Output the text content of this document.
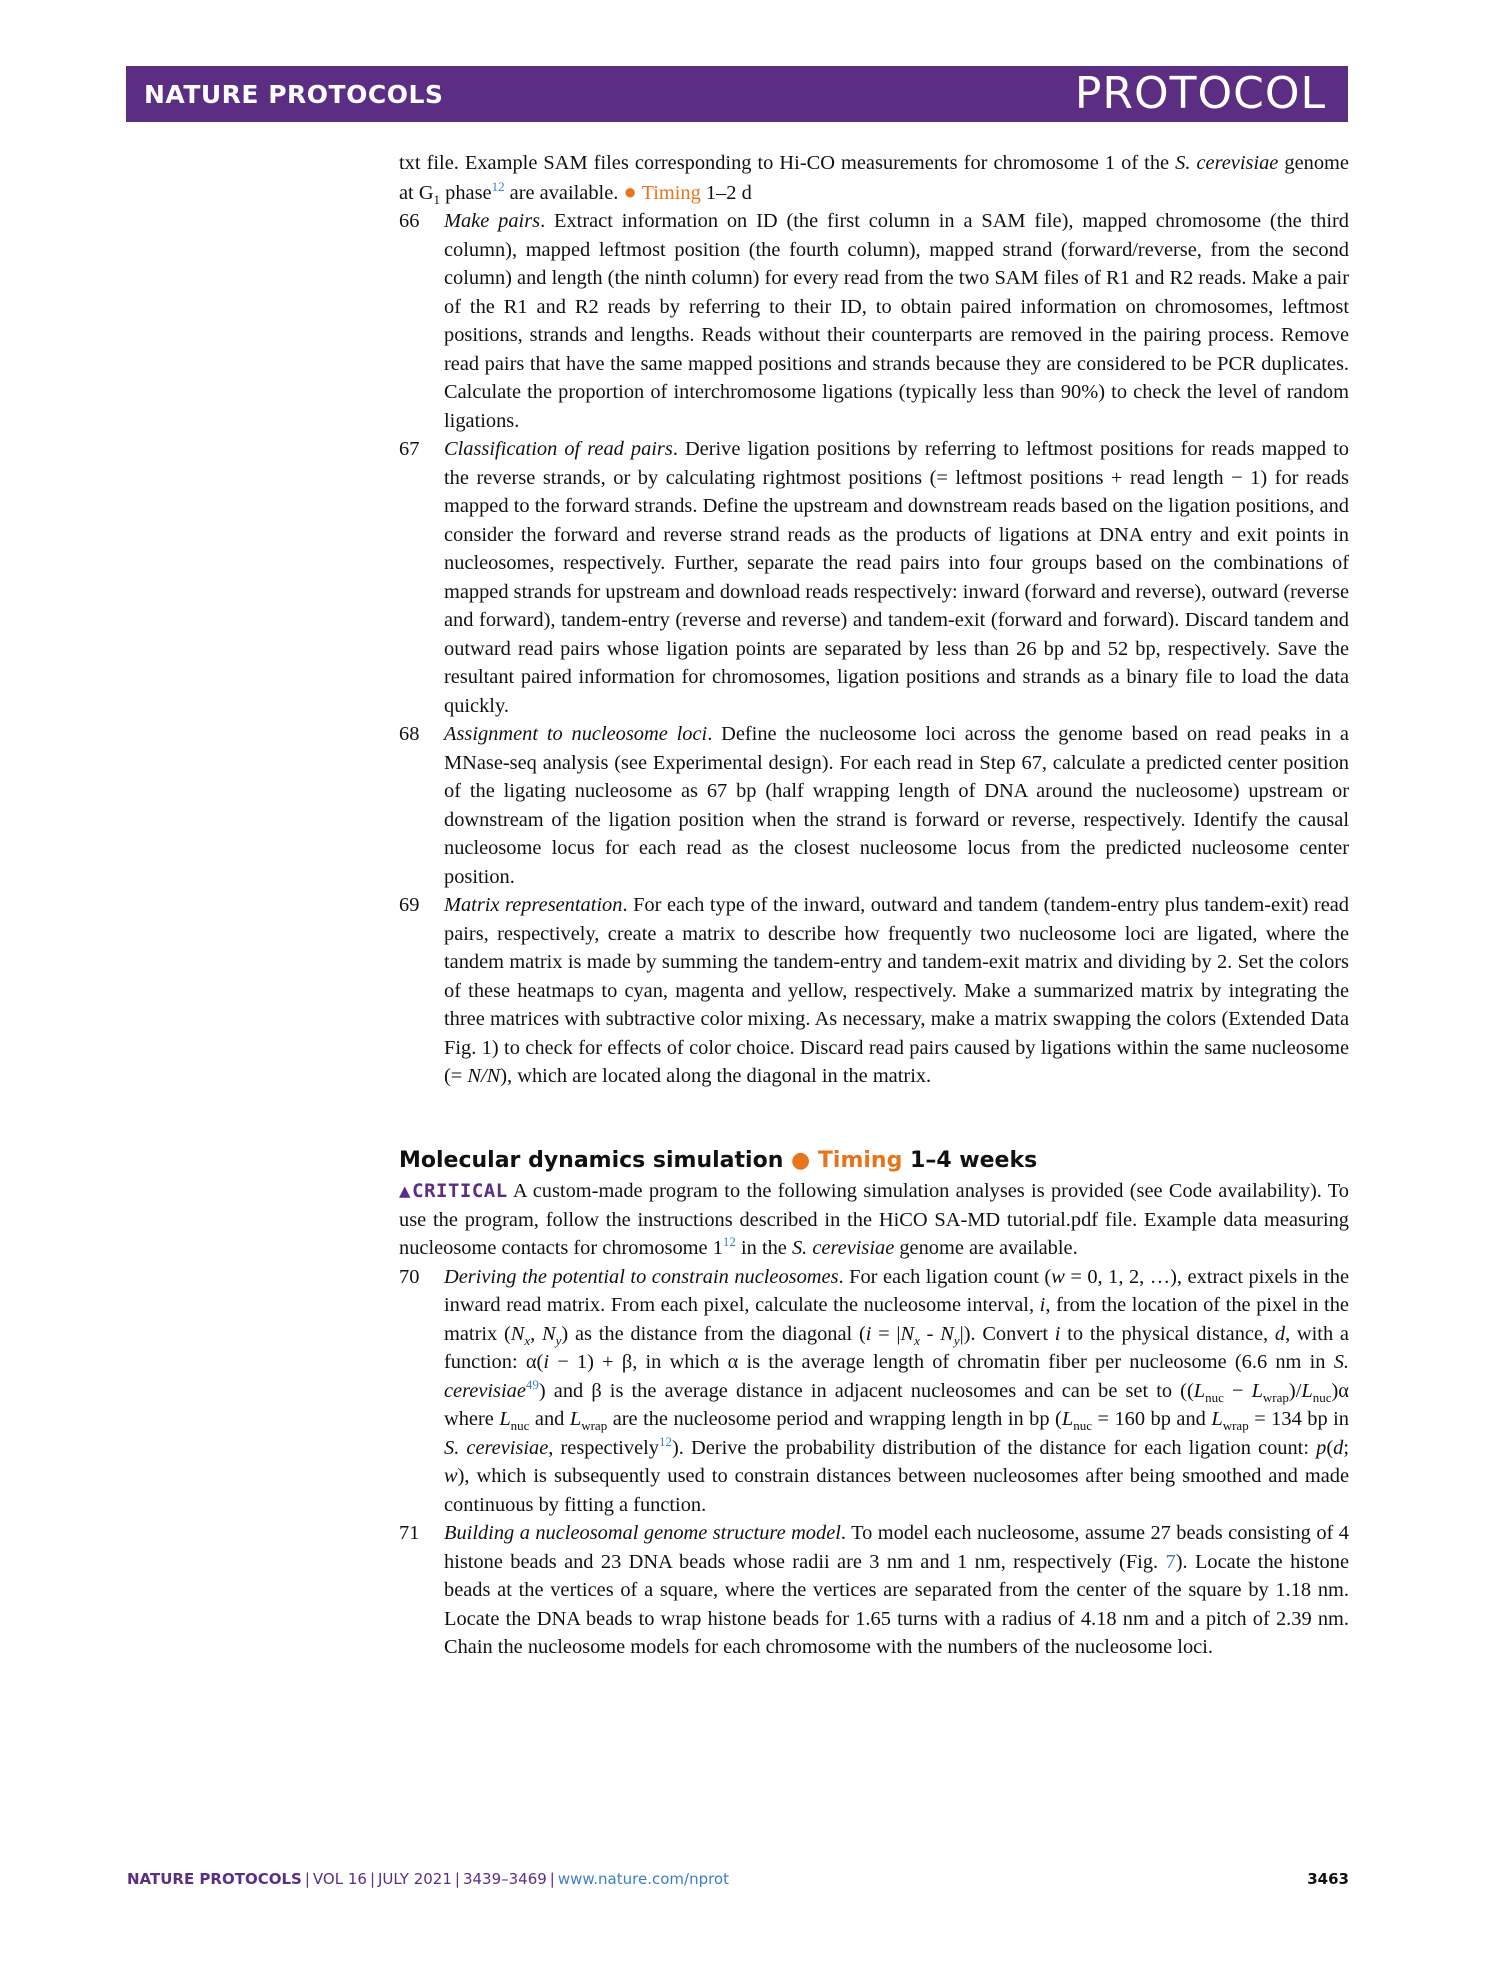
NATURE PROTOCOLS	PROTOCOL

txt file. Example SAM files corresponding to Hi-CO measurements for chromosome 1 of the S. cerevisiae genome at $G_1$ phase$^{12}$ are available. ● Timing 1–2 d

66 Make pairs. Extract information on ID (the first column in a SAM file), mapped chromosome (the third column), mapped leftmost position (the fourth column), mapped strand (forward/reverse, from the second column) and length (the ninth column) for every read from the two SAM files of R1 and R2 reads. Make a pair of the R1 and R2 reads by referring to their ID, to obtain paired information on chromosomes, leftmost positions, strands and lengths. Reads without their counterparts are removed in the pairing process. Remove read pairs that have the same mapped positions and strands because they are considered to be PCR duplicates. Calculate the proportion of interchromosome ligations (typically less than 90%) to check the level of random ligations.

67 Classification of read pairs. Derive ligation positions by referring to leftmost positions for reads mapped to the reverse strands, or by calculating rightmost positions (= leftmost positions + read length − 1) for reads mapped to the forward strands. Define the upstream and downstream reads based on the ligation positions, and consider the forward and reverse strand reads as the products of ligations at DNA entry and exit points in nucleosomes, respectively. Further, separate the read pairs into four groups based on the combinations of mapped strands for upstream and download reads respectively: inward (forward and reverse), outward (reverse and forward), tandem-entry (reverse and reverse) and tandem-exit (forward and forward). Discard tandem and outward read pairs whose ligation points are separated by less than 26 bp and 52 bp, respectively. Save the resultant paired information for chromosomes, ligation positions and strands as a binary file to load the data quickly.

68 Assignment to nucleosome loci. Define the nucleosome loci across the genome based on read peaks in a MNase-seq analysis (see Experimental design). For each read in Step 67, calculate a predicted center position of the ligating nucleosome as 67 bp (half wrapping length of DNA around the nucleosome) upstream or downstream of the ligation position when the strand is forward or reverse, respectively. Identify the causal nucleosome locus for each read as the closest nucleosome locus from the predicted nucleosome center position.

69 Matrix representation. For each type of the inward, outward and tandem (tandem-entry plus tandem-exit) read pairs, respectively, create a matrix to describe how frequently two nucleosome loci are ligated, where the tandem matrix is made by summing the tandem-entry and tandem-exit matrix and dividing by 2. Set the colors of these heatmaps to cyan, magenta and yellow, respectively. Make a summarized matrix by integrating the three matrices with subtractive color mixing. As necessary, make a matrix swapping the colors (Extended Data Fig. 1) to check for effects of color choice. Discard read pairs caused by ligations within the same nucleosome (= N/N), which are located along the diagonal in the matrix.

Molecular dynamics simulation ● Timing 1–4 weeks

▲CRITICAL A custom-made program to the following simulation analyses is provided (see Code availability). To use the program, follow the instructions described in the HiCO SA-MD tutorial.pdf file. Example data measuring nucleosome contacts for chromosome 1$^{12}$ in the S. cerevisiae genome are available.

70 Deriving the potential to constrain nucleosomes. For each ligation count (w = 0, 1, 2, …), extract pixels in the inward read matrix. From each pixel, calculate the nucleosome interval, i, from the location of the pixel in the matrix ($N_x$, $N_y$) as the distance from the diagonal $(i = |N_x - N_y|)$. Convert i to the physical distance, d, with a function: α(i − 1) + β, in which α is the average length of chromatin fiber per nucleosome (6.6 nm in S. cerevisiae$^{49}$) and β is the average distance in adjacent nucleosomes and can be set to $((L_{nuc} - L_{wrap})/L_{nuc})\alpha$ where $L_{nuc}$ and $L_{wrap}$ are the nucleosome period and wrapping length in bp ($L_{nuc} = 160$ bp and $L_{wrap} = 134$ bp in S. cerevisiae, respectively$^{12}$). Derive the probability distribution of the distance for each ligation count: p(d; w), which is subsequently used to constrain distances between nucleosomes after being smoothed and made continuous by fitting a function.

71 Building a nucleosomal genome structure model. To model each nucleosome, assume 27 beads consisting of 4 histone beads and 23 DNA beads whose radii are 3 nm and 1 nm, respectively (Fig. 7). Locate the histone beads at the vertices of a square, where the vertices are separated from the center of the square by 1.18 nm. Locate the DNA beads to wrap histone beads for 1.65 turns with a radius of 4.18 nm and a pitch of 2.39 nm. Chain the nucleosome models for each chromosome with the numbers of the nucleosome loci.

NATURE PROTOCOLS | VOL 16 | JULY 2021 | 3439–3469 | www.nature.com/nprot	3463
